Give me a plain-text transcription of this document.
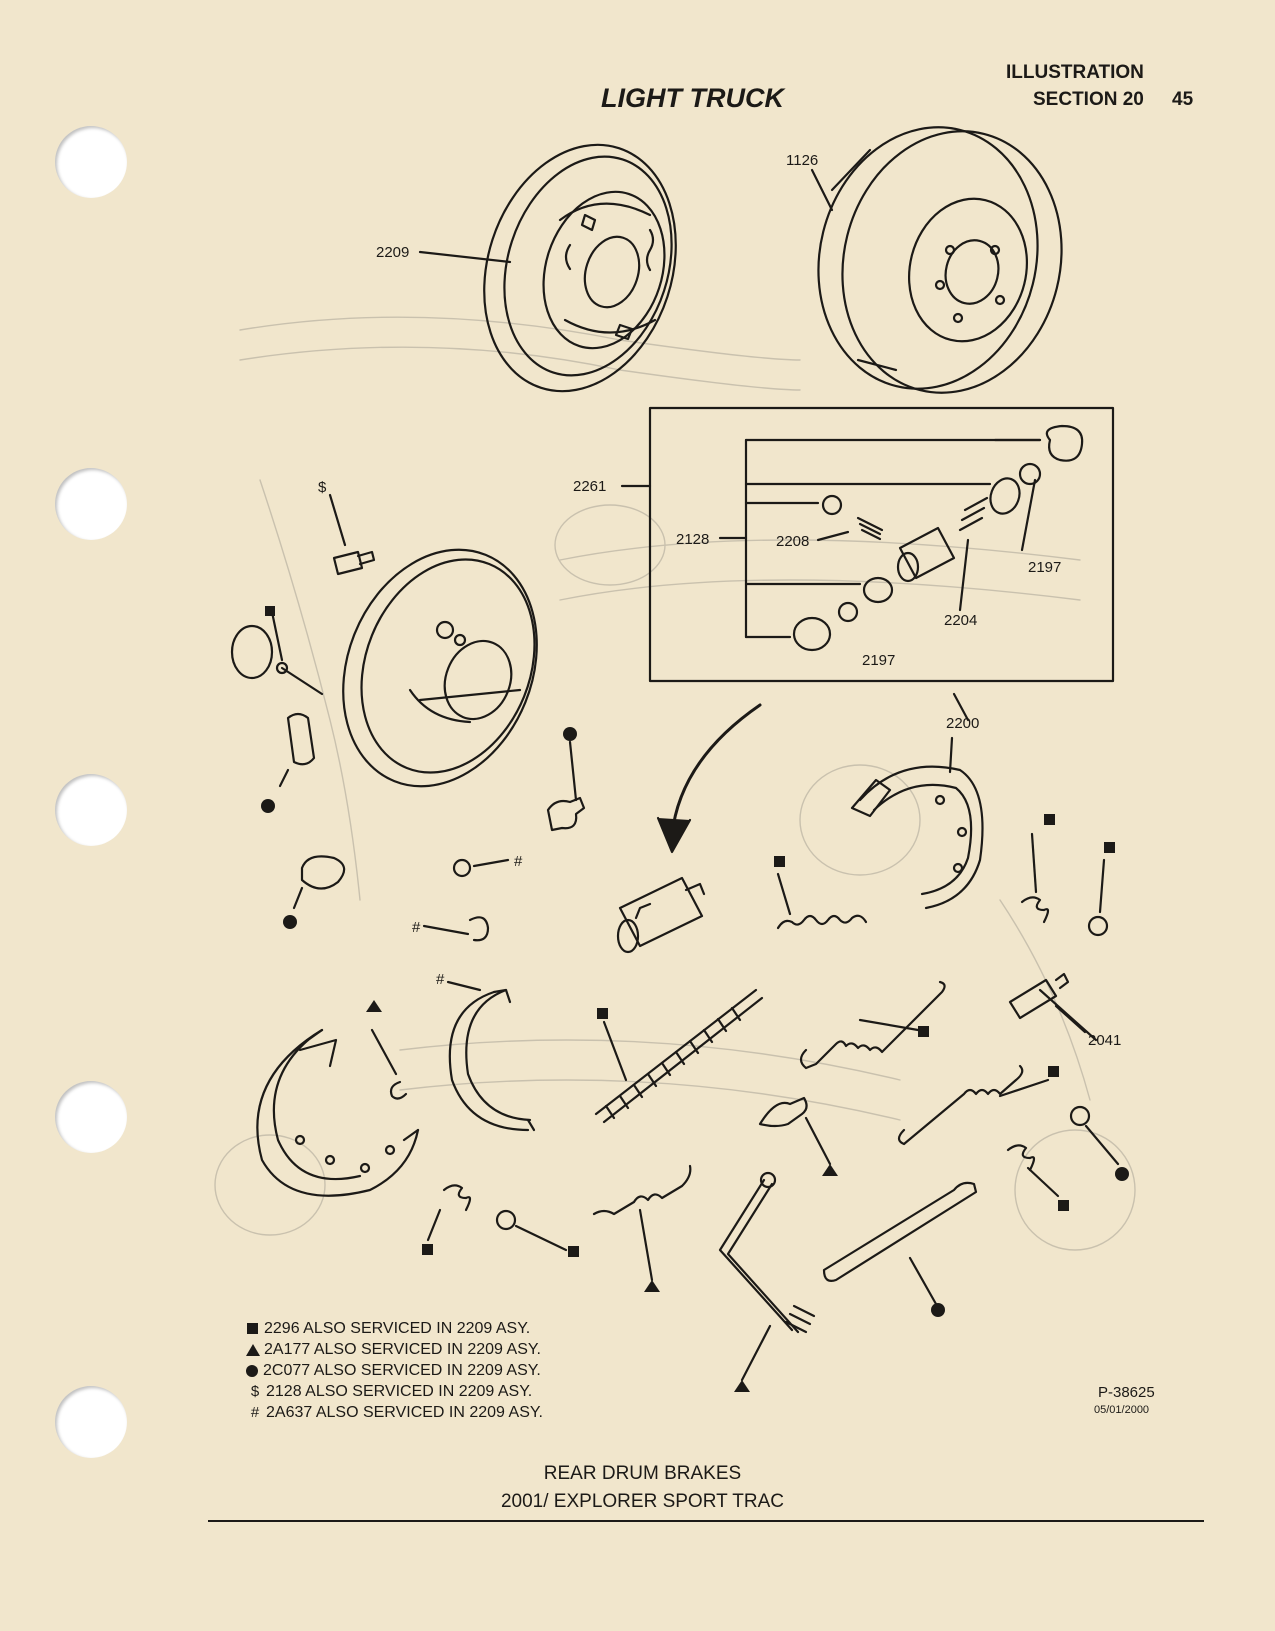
ILLUSTRATION
SECTION 20 45
LIGHT TRUCK
1126
2209
2261
2128	2208
2197
2204
2197
2200
2041
$
#
#
#
2296 ALSO SERVICED IN 2209 ASY.
2A177 ALSO SERVICED IN 2209 ASY.
2C077 ALSO SERVICED IN 2209 ASY.
$ 2128 ALSO SERVICED IN 2209 ASY.
# 2A637 ALSO SERVICED IN 2209 ASY.
P-38625
05/01/2000
REAR DRUM BRAKES
2001/ EXPLORER SPORT TRAC
